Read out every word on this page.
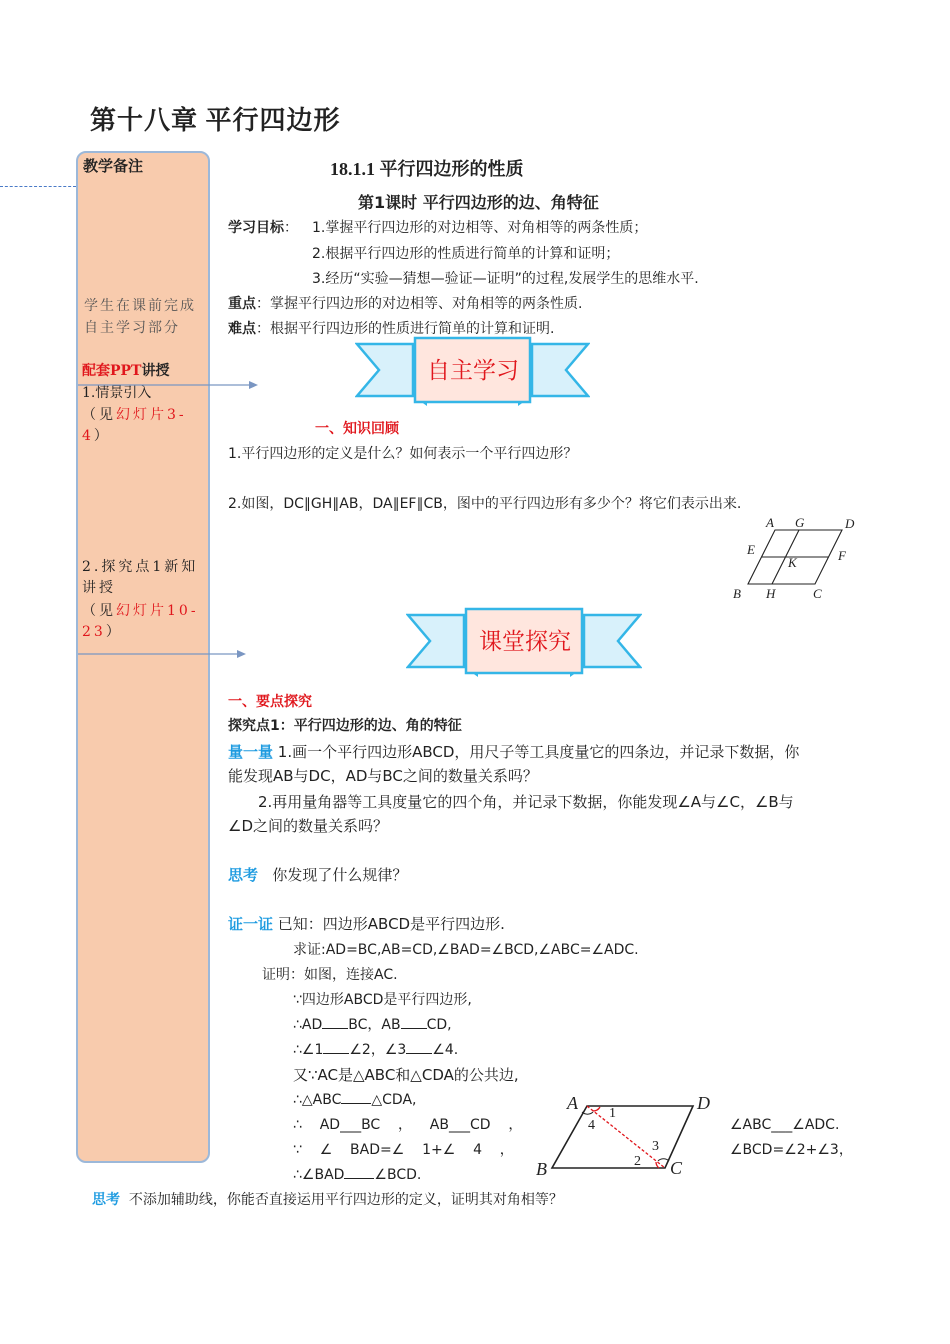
第十八章 平行四边形
教学备注
学生在课前完成
自主学习部分
配套PPT讲授
1.情景引入
（见幻灯片3-4）
2.探究点1新知讲授
（见幻灯片10-23）
18.1.1 平行四边形的性质
第1课时 平行四边形的边、角特征
学习目标： 1.掌握平行四边形的对边相等、对角相等的两条性质；
2.根据平行四边形的性质进行简单的计算和证明；
3.经历“实验—猜想—验证—证明”的过程,发展学生的思维水平.
重点：掌握平行四边形的对边相等、对角相等的两条性质.
难点：根据平行四边形的性质进行简单的计算和证明.
自主学习
一、知识回顾
1.平行四边形的定义是什么？如何表示一个平行四边形？
2.如图，DC∥GH∥AB，DA∥EF∥CB，图中的平行四边形有多少个？将它们表示出来.
A G	D
E	F
K
B H	C
课堂探究
一、要点探究
探究点1：平行四边形的边、角的特征
量一量 1.画一个平行四边形ABCD，用尺子等工具度量它的四条边，并记录下数据，你
能发现AB与DC，AD与BC之间的数量关系吗？
2.再用量角器等工具度量它的四个角，并记录下数据，你能发现∠A与∠C，∠B与
∠D之间的数量关系吗？
思考 你发现了什么规律？
证一证 已知：四边形ABCD是平行四边形.
求证:AD=BC,AB=CD,∠BAD=∠BCD,∠ABC=∠ADC.
证明：如图，连接AC.
∵四边形ABCD是平行四边形,
∴AD BC，AB CD,
∴∠1 ∠2，∠3 ∠4.
又∵AC是△ABC和△CDA的公共边,
∴△ABC △CDA,
∴    AD___BC    ，    AB___CD    ，	∠ABC___∠ADC.
∵    ∠    BAD=∠    1+∠    4    ，	∠BCD=∠2+∠3，
∴∠BAD ∠BCD.
A	D
B	C
1
4
3
2
思考 不添加辅助线，你能否直接运用平行四边形的定义，证明其对角相等？
